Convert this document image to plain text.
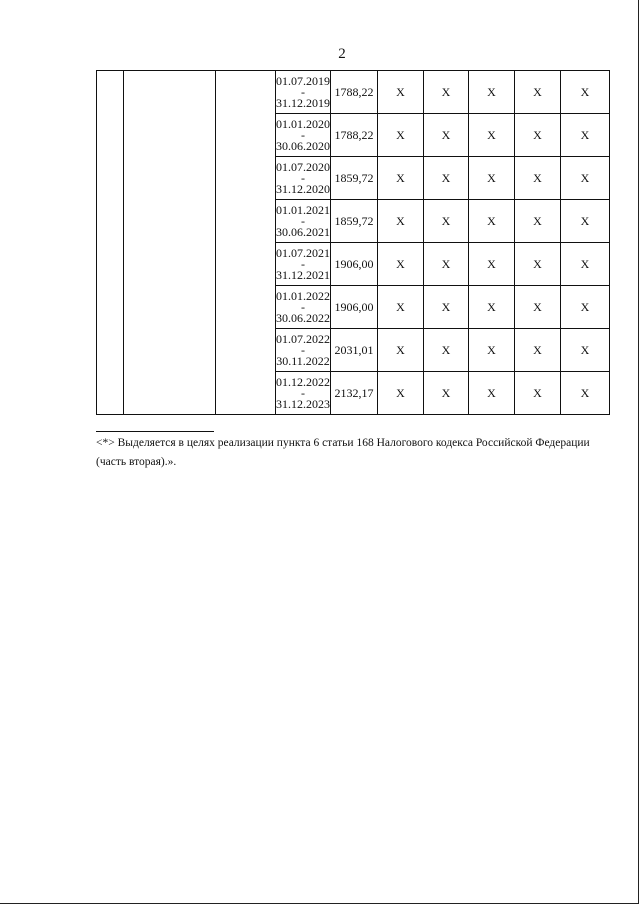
2

			01.07.2019
-
31.12.2019	1788,22	Х	Х	Х	Х	Х

			01.01.2020
-
30.06.2020	1788,22	Х	Х	Х	Х	Х

			01.07.2020
-
31.12.2020	1859,72	Х	Х	Х	Х	Х

			01.01.2021
-
30.06.2021	1859,72	Х	Х	Х	Х	Х

			01.07.2021
-
31.12.2021	1906,00	Х	Х	Х	Х	Х

			01.01.2022
-
30.06.2022	1906,00	Х	Х	Х	Х	Х

			01.07.2022
-
30.11.2022	2031,01	Х	Х	Х	Х	Х

			01.12.2022
-
31.12.2023	2132,17	Х	Х	Х	Х	Х
<*> Выделяется в целях реализации пункта 6 статьи 168 Налогового кодекса Российской Федерации (часть вторая).».
